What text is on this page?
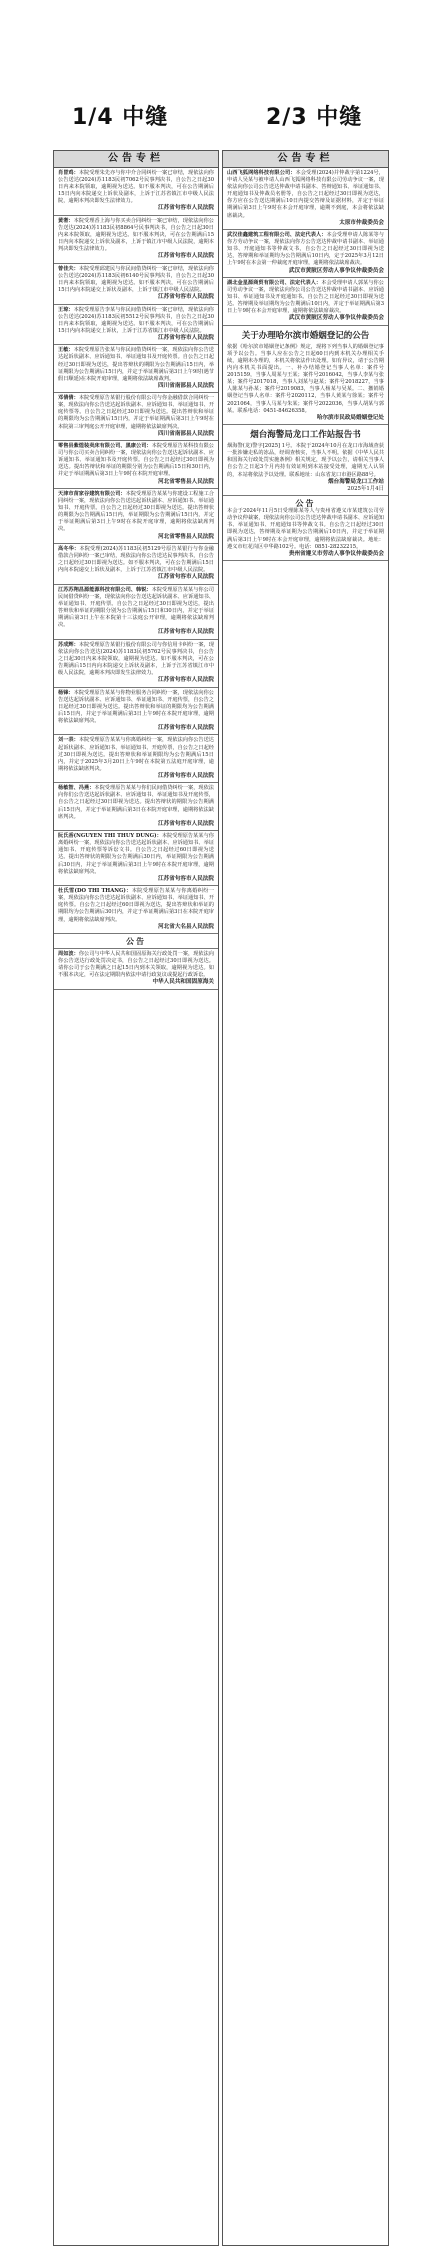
1/4 中缝	2/3 中缝
公告专栏

肖冒鸡：本院受理朱先亦与你中介合同纠纷一案已审结，现依法向你公告送达(2024)苏1183民初7062号民事判决书，自公告之日起30日内来本院领取，逾期视为送达。如不服本判决，可在公告期满后15日内向本院递交上诉状及副本，上诉于江苏省镇江市中级人民法院，逾期本判决即发生法律效力。

江苏省句容市人民法院

黄奢：本院受理香上海与你买卖合同纠纷一案已审结，现依法向你公告送达(2024)苏1183民初8864号民事判决书，自公告之日起30日内来本院领取，逾期视为送达。如不服本判决，可在公告期满后15日内向本院递交上诉状及副本，上诉于镇江市中级人民法院，逾期本判决即发生法律效力。

江苏省句容市人民法院

曾佳夫：本院受理邱建民与你民间借贷纠纷一案已审结，现依法向你公告送达(2024)苏1183民初6140号民事判决书，自公告之日起30日内来本院领取，逾期视为送达。如不服本判决，可在公告期满后15日内向本院递交上诉状及副本，上诉于镇江市中级人民法院。

江苏省句容市人民法院

王琼：本院受理原告李某与你民间借贷纠纷一案已审结，现依法向你公告送达(2024)苏1183民初5512号民事判决书，自公告之日起30日内来本院领取，逾期视为送达。如不服本判决，可在公告期满后15日内向本院递交上诉状，上诉于江苏省镇江市中级人民法院。

江苏省句容市人民法院

王敏：本院受理原告张某与你民间借贷纠纷一案，现依法向你公告送达起诉状副本、应诉通知书、举证通知书及开庭传票。自公告之日起经过30日即视为送达，提出答辩状的期限为公告期满后15日内，举证期限为公告期满后15日内，并定于举证期满后第3日上午9时(遇节假日顺延)在本院开庭审理，逾期将依法缺席裁判。

四川省南部县人民法院

邓倩倩：本院受理原告某银行股份有限公司与你金融借款合同纠纷一案，现依法向你公告送达起诉状副本、应诉通知书、举证通知书、开庭传票等。自公告之日起经过30日即视为送达。提出答辩状和举证的期限均为公告期满后15日内，并定于举证期满后第3日上午9时在本院第三审判庭公开开庭审理，逾期将依法缺席判决。

四川省南部县人民法院

零售县紫煌装卖床有限公司、黑康公司：本院受理原告某科技有限公司与你公司买卖合同纠纷一案，现依法向你公告送达起诉状副本、应诉通知书、举证通知书及开庭传票。自公告之日起经过30日即视为送达。提出答辩状和举证的期限分别为公告期满后15日和30日内，并定于举证期满后第3日上午9时在本院开庭审理。

河北省零售县人民法院

天津市苗家谷建筑有限公司：本院受理原告某某与你建设工程施工合同纠纷一案，现依法向你公告送达起诉状副本、应诉通知书、举证通知书、开庭传票。自公告之日起经过30日即视为送达。提出答辩状的期限为公告期满后15日内，举证期限为公告期满后15日内，并定于举证期满后第3日上午9时在本院开庭审理，逾期将依法缺席判决。

河北省零售县人民法院

高冬华：本院受理(2024)苏1183民初5129号原告某银行与你金融借款合同纠纷一案已审结，现依法向你公告送达民事判决书，自公告之日起经过30日即视为送达。如不服本判决，可在公告期满后15日内向本院递交上诉状及副本，上诉于江苏省镇江市中级人民法院。

江苏省句容市人民法院

江苏苏翔昌源能源科技有限公司、韩锐：本院受理原告某某与你公司民间借贷纠纷一案，现依法向你公告送达起诉状副本、应诉通知书、举证通知书、开庭传票。自公告之日起经过30日即视为送达，提出答辩状和举证的期限分别为公告期满后15日和30日内，并定于举证期满后第3日上午在本院第十三法庭公开审理，逾期将依法缺席判决。

江苏省句容市人民法院

苏成辉：本院受理原告某银行股份有限公司与你信用卡纠纷一案，现依法向你公告送达(2024)苏1183民初5762号民事判决书，自公告之日起30日内来本院领取，逾期视为送达。如不服本判决，可在公告期满后15日内向本院递交上诉状及副本，上诉于江苏省镇江市中级人民法院，逾期本判决即发生法律效力。

江苏省句容市人民法院

杨锋：本院受理原告某某与你物业服务合同纠纷一案，现依法向你公告送达起诉状副本、应诉通知书、举证通知书、开庭传票，自公告之日起经过30日即视为送达。提出答辩状和举证的期限均为公告期满后15日内，并定于举证期满后第3日上午9时在本院开庭审理，逾期将依法缺席判决。

江苏省句容市人民法院

刘一表：本院受理原告某某与你离婚纠纷一案，现依法向你公告送达起诉状副本、应诉通知书、举证通知书、开庭传票，自公告之日起经过30日即视为送达。提出答辩状和举证期限均为公告期满后15日内，并定于2025年3月20日上午9时在本院第五法庭开庭审理，逾期将依法缺席判决。

江苏省句容市人民法院

杨敏智、冯燕：本院受理原告某某与你们民间借贷纠纷一案，现依法向你们公告送达起诉状副本、应诉通知书、举证通知书及开庭传票，自公告之日起经过30日即视为送达。提出答辩状的期限为公告期满后15日内，并定于举证期满后第3日在本院开庭审理，逾期将依法缺席判决。

江苏省句容市人民法院

阮氏香(NGUYEN THI THUY DUNG)：本院受理原告某某与你离婚纠纷一案，现依法向你公告送达起诉状副本、应诉通知书、举证通知书、开庭传票等诉讼文书。自公告之日起经过60日即视为送达。提出答辩状的期限为公告期满后30日内，举证期限为公告期满后30日内，并定于举证期满后第3日上午9时在本院开庭审理，逾期将依法缺席判决。

江苏省句容市人民法院

杜氏雪(DO THI THANG)：本院受理原告某某与你离婚纠纷一案，现依法向你公告送达起诉状副本、应诉通知书、举证通知书、开庭传票。自公告之日起经过60日即视为送达，提出答辩状和举证的期限均为公告期满后30日内，并定于举证期满后第3日在本院开庭审理，逾期将依法缺席判决。

河北省大名县人民法院

公告

周如波：你公司与中华人民共和国固原海关行政处罚一案，现依法向你公告送达行政处罚决定书，自公告之日起经过30日即视为送达。请你公司于公告期满之日起15日内到本关领取，逾期视为送达。如不服本决定，可在法定期限内依法申请行政复议或提起行政诉讼。

中华人民共和国固原海关

公告专栏

山西飞狐网络科技有限公司：本会受理(2024)并仲裁字第1224号，申请人吴某与被申请人山西飞狐网络科技有限公司劳动争议一案，现依法向你公司公告送达仲裁申请书副本、答辩通知书、举证通知书、开庭通知书及仲裁员名册等，自公告之日起经过30日即视为送达，你方应在公告送达期满后10日内提交答辩及证据材料，并定于举证期满后第3日上午9时在本会开庭审理，逾期不到庭，本会将依法缺席裁决。

太原市仲裁委员会

武汉佳鑫建筑工程有限公司、法定代表人：本会受理申请人陈某等与你方劳动争议一案，现依法向你方公告送达仲裁申请书副本、举证通知书、开庭通知书等仲裁文书，自公告之日起经过30日即视为送达，答辩期和举证期均为公告期满后10日内，定于2025年3月12日上午9时在本会第一仲裁庭开庭审理，逾期将依法缺席裁决。

武汉市黄陂区劳动人事争议仲裁委员会

湖北金星源商贸有限公司、法定代表人：本会受理申请人郭某与你公司劳动争议一案，现依法向你公司公告送达仲裁申请书副本、应诉通知书、举证通知书及开庭通知书。自公告之日起经过30日即视为送达。答辩期及举证期均为公告期满后10日内，并定于举证期满后第3日上午9时在本会开庭审理，逾期将依法缺席裁决。

武汉市黄陂区劳动人事争议仲裁委员会

关于办理哈尔滨市婚姻登记的公告

依据《哈尔滨市婚姻登记条例》规定，现将下列当事人的婚姻登记事项予以公告。当事人应在公告之日起60日内到本机关办理相关手续，逾期未办理的，本机关将依法作出处理。如有异议，请于公告期内向本机关书面提出。一、补办结婚登记当事人名单：案件号2015159，当事人周某与王某；案件号2016042，当事人李某与张某；案件号2017018，当事人刘某与赵某；案件号2018227，当事人陈某与孙某；案件号2019083，当事人杨某与吴某。二、撤销婚姻登记当事人名单：案件号2020112，当事人黄某与徐某；案件号2021064，当事人马某与朱某；案件号2022036，当事人胡某与郭某。联系电话：0451-84626358。

哈尔滨市民政局婚姻登记处

烟台海警局龙口工作站报告书

烟海警(龙)警字[2025] 1号。本院于2024年10月在龙口市海域查获一批涉嫌走私的冻品，经调查核实，当事人不明。依据《中华人民共和国海关行政处罚实施条例》相关规定，现予以公告，请相关当事人自公告之日起3个月内持有效证明到本站接受处理，逾期无人认领的，本站将依法予以处理。联系地址：山东省龙口市港区路88号。

烟台海警局龙口工作站

2025年1月4日

公告

本会于2024年11月5日受理陈某等人与贵州省遵义市某建筑公司劳动争议仲裁案，现依法向你公司公告送达仲裁申请书副本、应诉通知书、举证通知书、开庭通知书等仲裁文书。自公告之日起经过30日即视为送达，答辩期及举证期为公告期满后10日内，并定于举证期满后第3日上午9时在本会开庭审理，逾期将依法缺席裁决。地址：遵义市红花岗区中华路102号。电话：0851-28232215。

贵州省遵义市劳动人事争议仲裁委员会
